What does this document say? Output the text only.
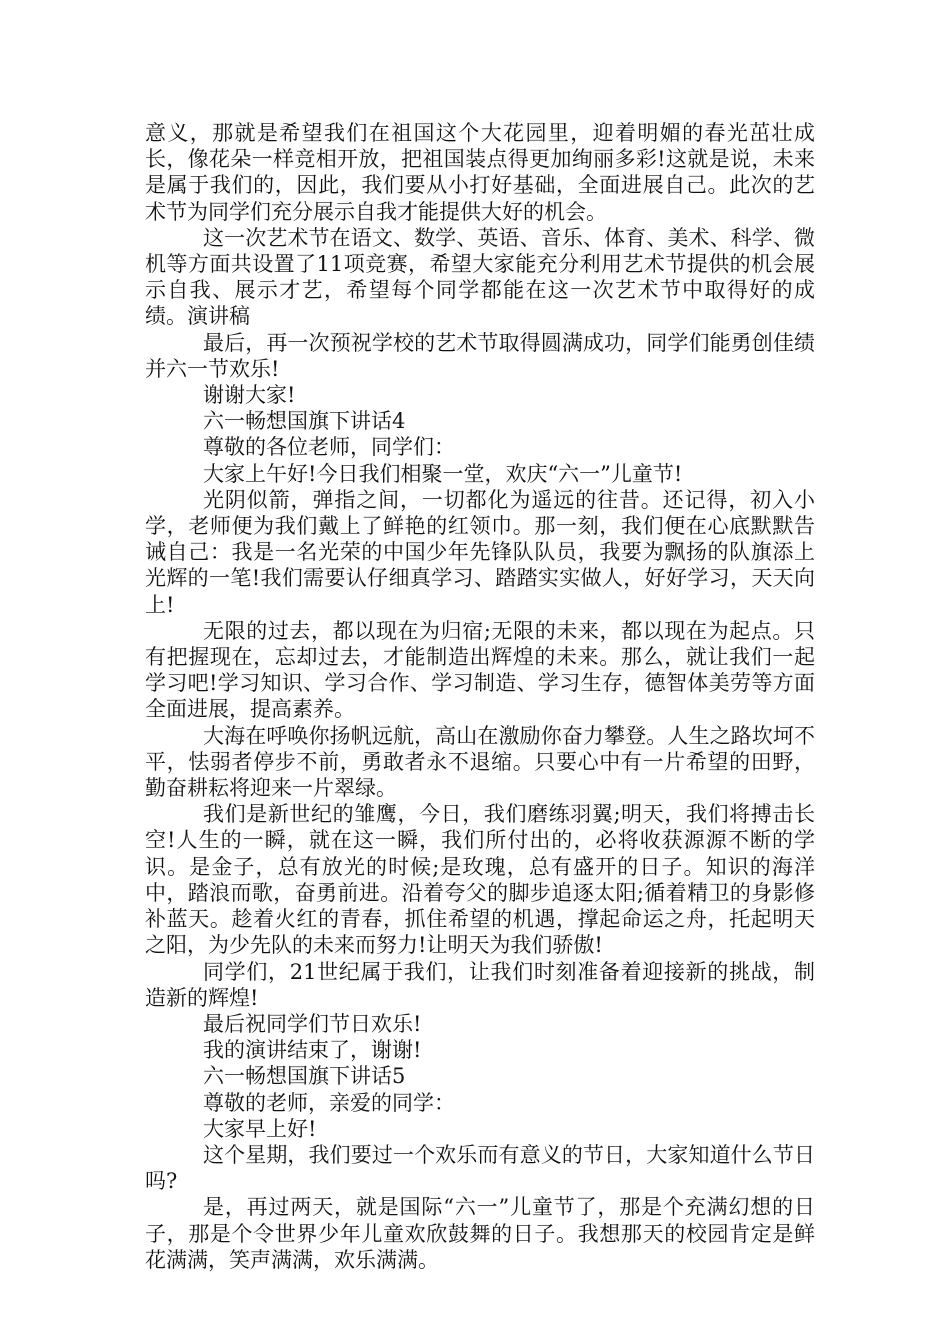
意义，那就是希望我们在祖国这个大花园里，迎着明媚的春光茁壮成长，像花朵一样竞相开放，把祖国装点得更加绚丽多彩!这就是说，未来是属于我们的，因此，我们要从小打好基础，全面进展自己。此次的艺术节为同学们充分展示自我才能提供大好的机会。

这一次艺术节在语文、数学、英语、音乐、体育、美术、科学、微机等方面共设置了11项竞赛，希望大家能充分利用艺术节提供的机会展示自我、展示才艺，希望每个同学都能在这一次艺术节中取得好的成绩。演讲稿

最后，再一次预祝学校的艺术节取得圆满成功，同学们能勇创佳绩并六一节欢乐!

谢谢大家!

六一畅想国旗下讲话4

尊敬的各位老师，同学们：

大家上午好!今日我们相聚一堂，欢庆“六一”儿童节!

光阴似箭，弹指之间，一切都化为遥远的往昔。还记得，初入小学，老师便为我们戴上了鲜艳的红领巾。那一刻，我们便在心底默默告诫自己：我是一名光荣的中国少年先锋队队员，我要为飘扬的队旗添上光辉的一笔!我们需要认仔细真学习、踏踏实实做人，好好学习，天天向上!

无限的过去，都以现在为归宿;无限的未来，都以现在为起点。只有把握现在，忘却过去，才能制造出辉煌的未来。那么，就让我们一起学习吧!学习知识、学习合作、学习制造、学习生存，德智体美劳等方面全面进展，提高素养。

大海在呼唤你扬帆远航，高山在激励你奋力攀登。人生之路坎坷不平，怯弱者停步不前，勇敢者永不退缩。只要心中有一片希望的田野，勤奋耕耘将迎来一片翠绿。

我们是新世纪的雏鹰，今日，我们磨练羽翼;明天，我们将搏击长空!人生的一瞬，就在这一瞬，我们所付出的，必将收获源源不断的学识。是金子，总有放光的时候;是玫瑰，总有盛开的日子。知识的海洋中，踏浪而歌，奋勇前进。沿着夸父的脚步追逐太阳;循着精卫的身影修补蓝天。趁着火红的青春，抓住希望的机遇，撑起命运之舟，托起明天之阳，为少先队的未来而努力!让明天为我们骄傲!

同学们，21世纪属于我们，让我们时刻准备着迎接新的挑战，制造新的辉煌!

最后祝同学们节日欢乐!

我的演讲结束了，谢谢!

六一畅想国旗下讲话5

尊敬的老师，亲爱的同学：

大家早上好!

这个星期，我们要过一个欢乐而有意义的节日，大家知道什么节日吗?

是，再过两天，就是国际“六一”儿童节了，那是个充满幻想的日子，那是个令世界少年儿童欢欣鼓舞的日子。我想那天的校园肯定是鲜花满满，笑声满满，欢乐满满。
